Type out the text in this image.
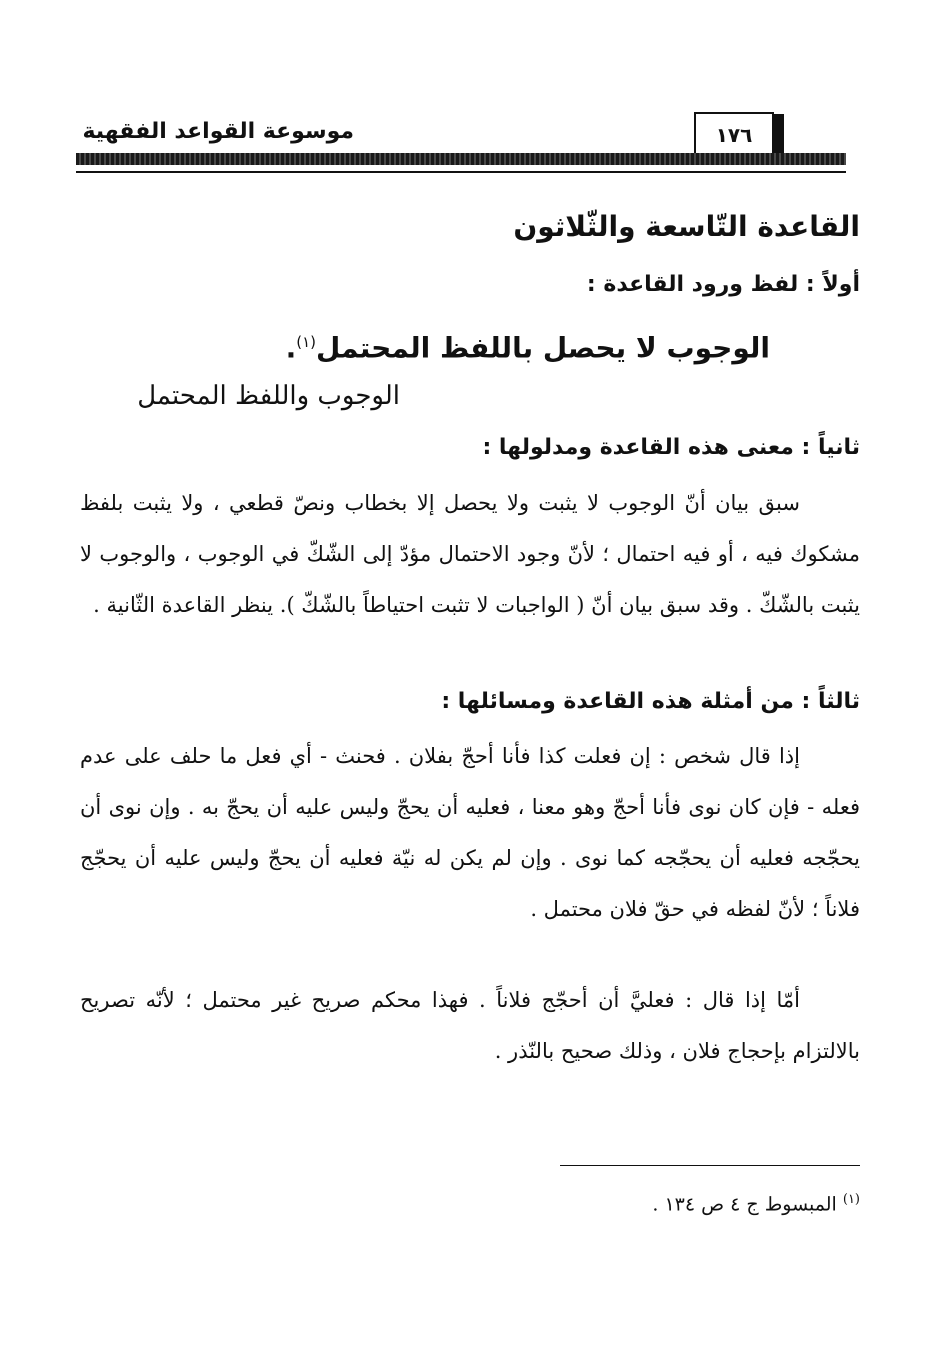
١٧٦
موسوعة القواعد الفقهية
القاعدة التّاسعة والثّلاثون
أولاً : لفظ ورود القاعدة :
الوجوب لا يحصل باللفظ المحتمل$^{(١)}$.
الوجوب واللفظ المحتمل
ثانياً : معنى هذه القاعدة ومدلولها :

سبق بيان أنّ الوجوب لا يثبت ولا يحصل إلا بخطاب ونصّ قطعي ، ولا يثبت بلفظ مشكوك فيه ، أو فيه احتمال ؛ لأنّ وجود الاحتمال مؤدّ إلى الشّكّ في الوجوب ، والوجوب لا يثبت بالشّكّ . وقد سبق بيان أنّ ( الواجبات لا تثبت احتياطاً بالشّكّ ). ينظر القاعدة الثّانية .

ثالثاً : من أمثلة هذه القاعدة ومسائلها :

إذا قال شخص : إن فعلت كذا فأنا أحجّ بفلان . فحنث - أي فعل ما حلف على عدم فعله - فإن كان نوى فأنا أحجّ وهو معنا ، فعليه أن يحجّ وليس عليه أن يحجّ به . وإن نوى أن يحجّجه فعليه أن يحجّجه كما نوى . وإن لم يكن له نيّة فعليه أن يحجّ وليس عليه أن يحجّج فلاناً ؛ لأنّ لفظه في حقّ فلان محتمل .

أمّا إذا قال : فعليَّ أن أحجّج فلاناً . فهذا محكم صريح غير محتمل ؛ لأنّه تصريح بالالتزام بإحجاج فلان ، وذلك صحيح بالنّذر .

$^{(١)}$ المبسوط ج ٤ ص ١٣٤ .
